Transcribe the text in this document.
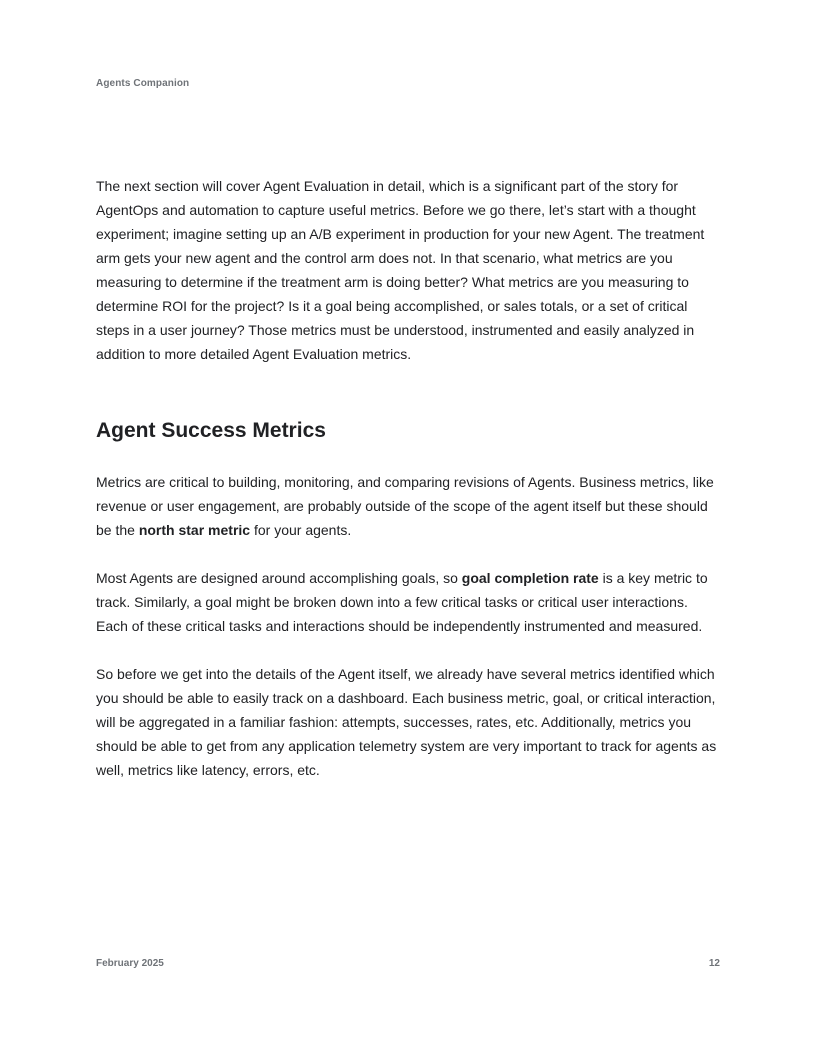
Agents Companion

The next section will cover Agent Evaluation in detail, which is a significant part of the story for AgentOps and automation to capture useful metrics. Before we go there, let’s start with a thought experiment; imagine setting up an A/B experiment in production for your new Agent. The treatment arm gets your new agent and the control arm does not. In that scenario, what metrics are you measuring to determine if the treatment arm is doing better? What metrics are you measuring to determine ROI for the project? Is it a goal being accomplished, or sales totals, or a set of critical steps in a user journey? Those metrics must be understood, instrumented and easily analyzed in addition to more detailed Agent Evaluation metrics.

Agent Success Metrics

Metrics are critical to building, monitoring, and comparing revisions of Agents. Business metrics, like revenue or user engagement, are probably outside of the scope of the agent itself but these should be the north star metric for your agents.

Most Agents are designed around accomplishing goals, so goal completion rate is a key metric to track. Similarly, a goal might be broken down into a few critical tasks or critical user interactions. Each of these critical tasks and interactions should be independently instrumented and measured.

So before we get into the details of the Agent itself, we already have several metrics identified which you should be able to easily track on a dashboard. Each business metric, goal, or critical interaction, will be aggregated in a familiar fashion: attempts, successes, rates, etc. Additionally, metrics you should be able to get from any application telemetry system are very important to track for agents as well, metrics like latency, errors, etc.

February 2025	12
